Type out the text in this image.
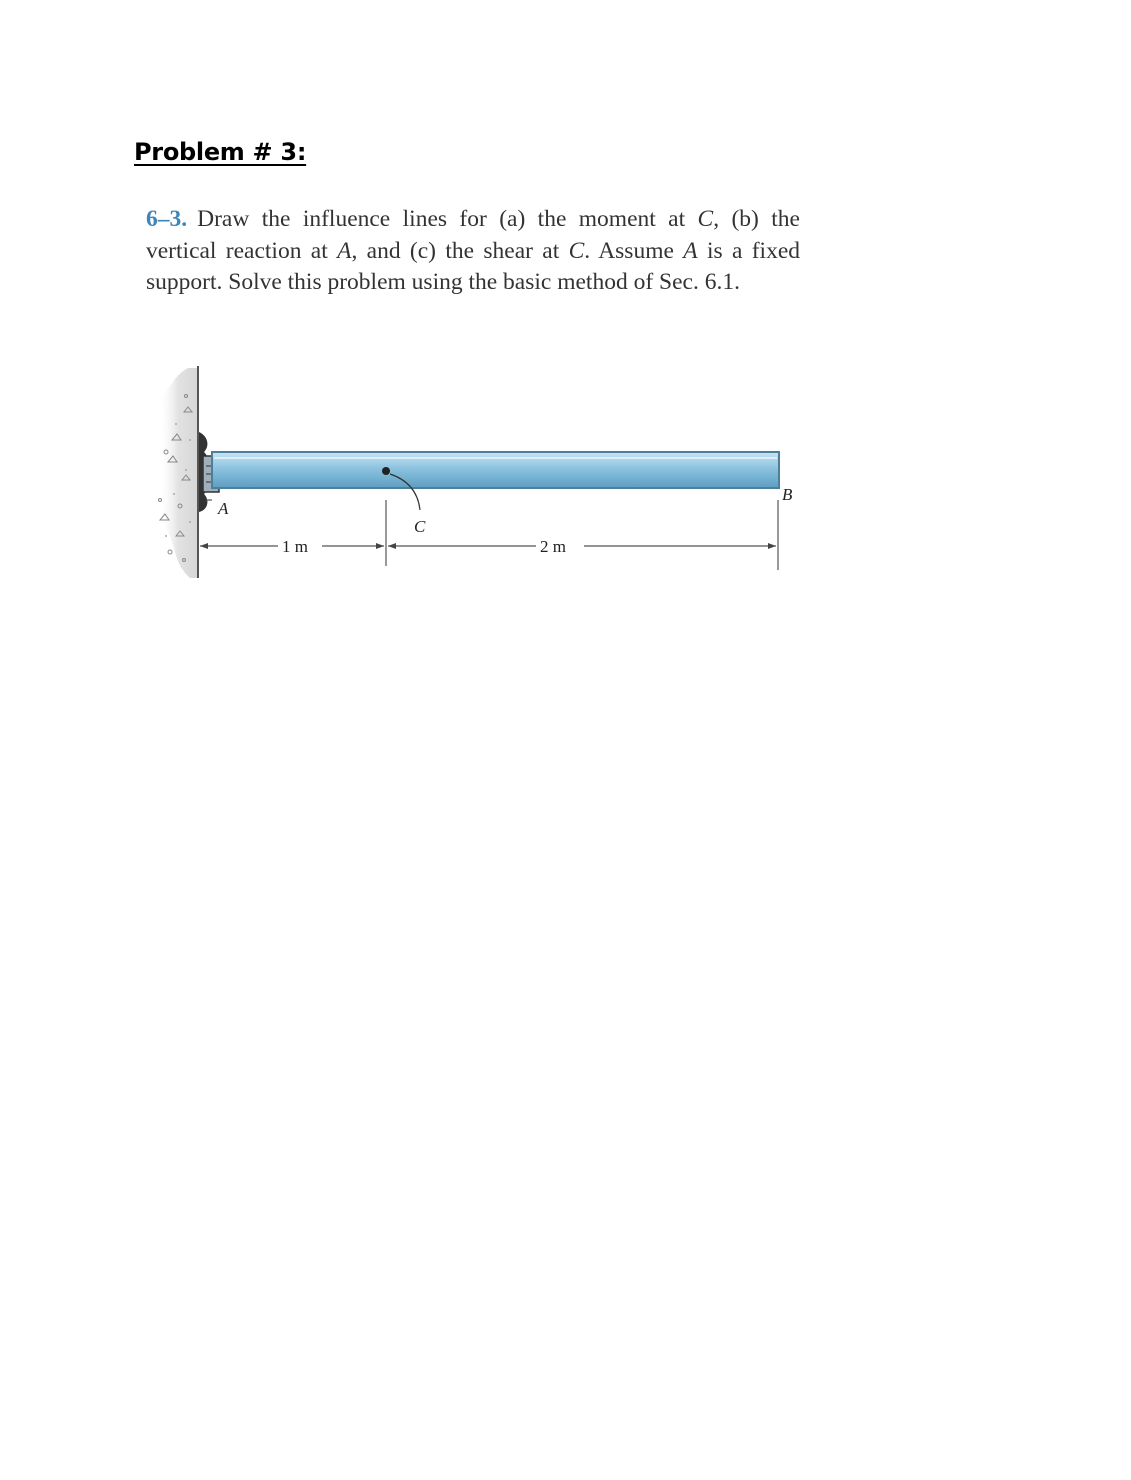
Problem # 3:
6–3. Draw the influence lines for (a) the moment at C, (b) the vertical reaction at A, and (c) the shear at C. Assume A is a fixed support. Solve this problem using the basic method of Sec. 6.1.
A
B
C
1 m	2 m
